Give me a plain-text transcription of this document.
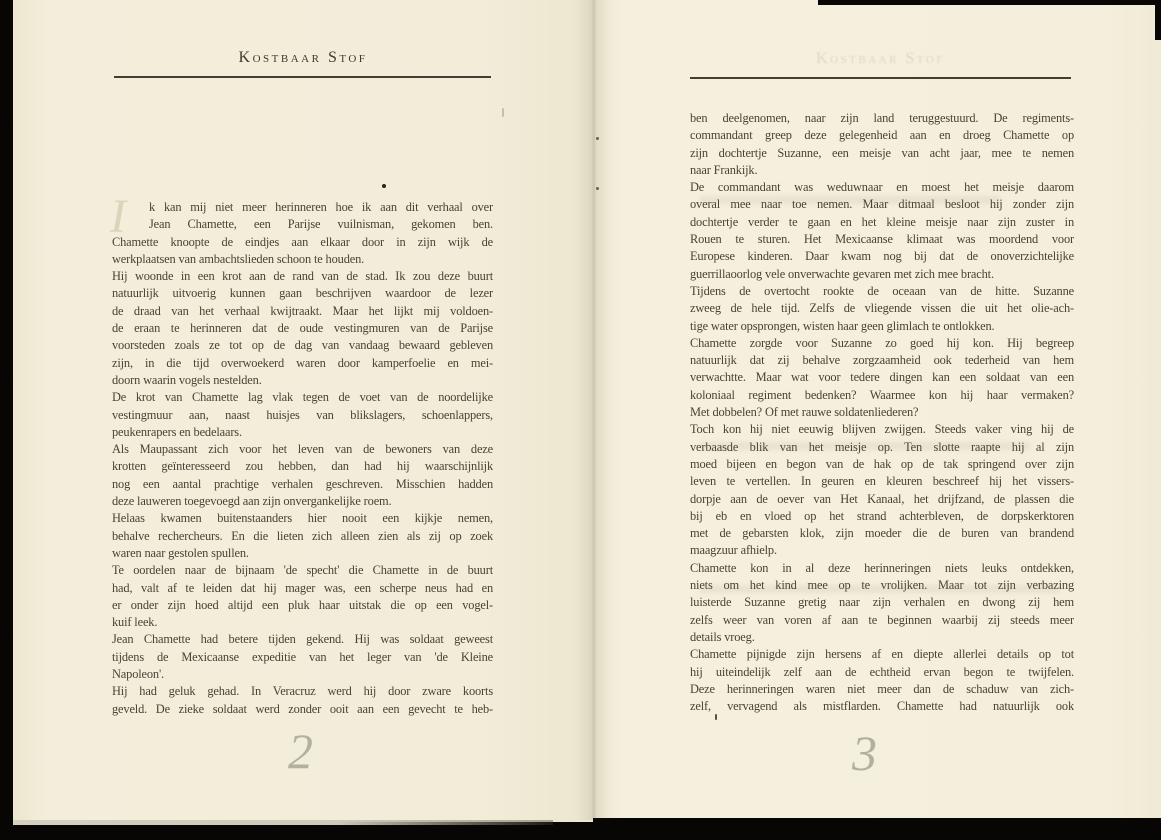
Kostbaar Stof	Kostbaar Stof
I k kan mij niet meer herinneren hoe ik aan dit verhaal over
Jean Chamette, een Parijse vuilnisman, gekomen ben.
Chamette knoopte de eindjes aan elkaar door in zijn wijk de
werkplaatsen van ambachtslieden schoon te houden.
Hij woonde in een krot aan de rand van de stad. Ik zou deze buurt
natuurlijk uitvoerig kunnen gaan beschrijven waardoor de lezer
de draad van het verhaal kwijtraakt. Maar het lijkt mij voldoen-
de eraan te herinneren dat de oude vestingmuren van de Parijse
voorsteden zoals ze tot op de dag van vandaag bewaard gebleven
zijn, in die tijd overwoekerd waren door kamperfoelie en mei-
doorn waarin vogels nestelden.
De krot van Chamette lag vlak tegen de voet van de noordelijke
vestingmuur aan, naast huisjes van blikslagers, schoenlappers,
peukenrapers en bedelaars.
Als Maupassant zich voor het leven van de bewoners van deze
krotten geïnteresseerd zou hebben, dan had hij waarschijnlijk
nog een aantal prachtige verhalen geschreven. Misschien hadden
deze lauweren toegevoegd aan zijn onvergankelijke roem.
Helaas kwamen buitenstaanders hier nooit een kijkje nemen,
behalve rechercheurs. En die lieten zich alleen zien als zij op zoek
waren naar gestolen spullen.
Te oordelen naar de bijnaam 'de specht' die Chamette in de buurt
had, valt af te leiden dat hij mager was, een scherpe neus had en
er onder zijn hoed altijd een pluk haar uitstak die op een vogel-
kuif leek.
Jean Chamette had betere tijden gekend. Hij was soldaat geweest
tijdens de Mexicaanse expeditie van het leger van 'de Kleine
Napoleon'.
Hij had geluk gehad. In Veracruz werd hij door zware koorts
geveld. De zieke soldaat werd zonder ooit aan een gevecht te heb-
ben deelgenomen, naar zijn land teruggestuurd. De regiments-
commandant greep deze gelegenheid aan en droeg Chamette op
zijn dochtertje Suzanne, een meisje van acht jaar, mee te nemen
naar Frankijk.
De commandant was weduwnaar en moest het meisje daarom
overal mee naar toe nemen. Maar ditmaal besloot hij zonder zijn
dochtertje verder te gaan en het kleine meisje naar zijn zuster in
Rouen te sturen. Het Mexicaanse klimaat was moordend voor
Europese kinderen. Daar kwam nog bij dat de onoverzichtelijke
guerrillaoorlog vele onverwachte gevaren met zich mee bracht.
Tijdens de overtocht rookte de oceaan van de hitte. Suzanne
zweeg de hele tijd. Zelfs de vliegende vissen die uit het olie-ach-
tige water opsprongen, wisten haar geen glimlach te ontlokken.
Chamette zorgde voor Suzanne zo goed hij kon. Hij begreep
natuurlijk dat zij behalve zorgzaamheid ook tederheid van hem
verwachtte. Maar wat voor tedere dingen kan een soldaat van een
koloniaal regiment bedenken? Waarmee kon hij haar vermaken?
Met dobbelen? Of met rauwe soldatenliederen?
Toch kon hij niet eeuwig blijven zwijgen. Steeds vaker ving hij de
verbaasde blik van het meisje op. Ten slotte raapte hij al zijn
moed bijeen en begon van de hak op de tak springend over zijn
leven te vertellen. In geuren en kleuren beschreef hij het vissers-
dorpje aan de oever van Het Kanaal, het drijfzand, de plassen die
bij eb en vloed op het strand achterbleven, de dorpskerktoren
met de gebarsten klok, zijn moeder die de buren van brandend
maagzuur afhielp.
Chamette kon in al deze herinneringen niets leuks ontdekken,
niets om het kind mee op te vrolijken. Maar tot zijn verbazing
luisterde Suzanne gretig naar zijn verhalen en dwong zij hem
zelfs weer van voren af aan te beginnen waarbij zij steeds meer
details vroeg.
Chamette pijnigde zijn hersens af en diepte allerlei details op tot
hij uiteindelijk zelf aan de echtheid ervan begon te twijfelen.
Deze herinneringen waren niet meer dan de schaduw van zich-
zelf, vervagend als mistflarden. Chamette had natuurlijk ook
2	3
